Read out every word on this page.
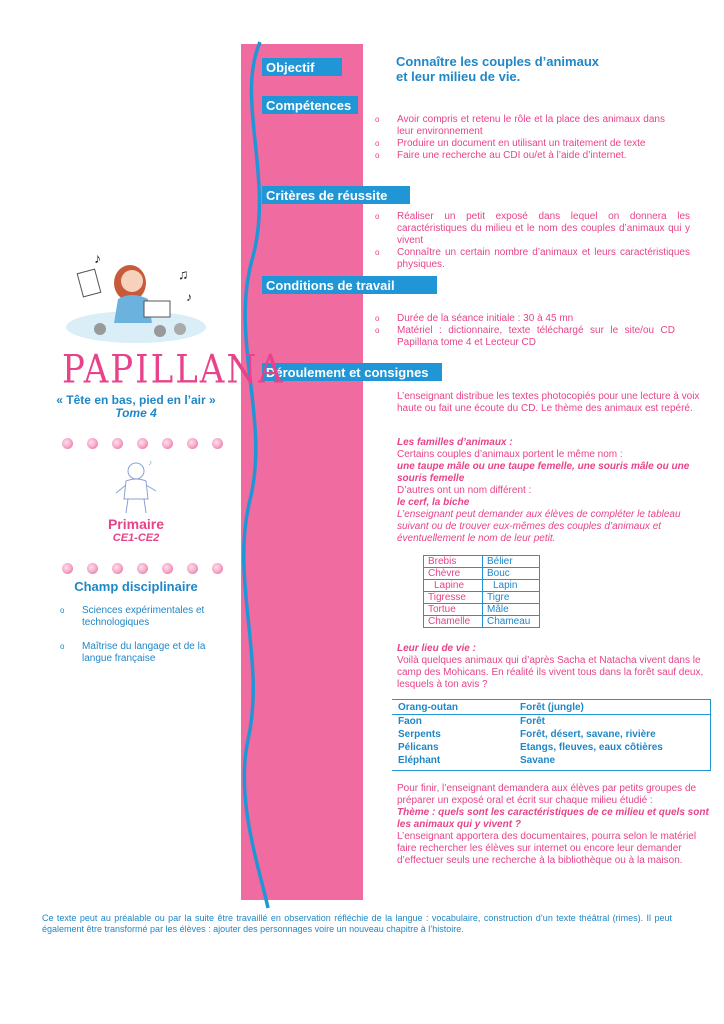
Objectif	Connaître les couples d’animaux
et leur milieu de vie.
Compétences
o Avoir compris et retenu le rôle et la place des animaux dans leur environnement
o Produire un document en utilisant un traitement de texte
o Faire une recherche au CDI ou/et à l’aide d’internet.
Critères de réussite
o Réaliser un petit exposé dans lequel on donnera les caractéristiques du milieu et le nom des couples d’animaux qui y vivent
o Connaître un certain nombre d’animaux et leurs caractéristiques physiques.
Conditions de travail
o Durée de la séance initiale : 30 à 45 mn
o Matériel : dictionnaire, texte téléchargé sur le site/ou CD Papillana tome 4 et Lecteur CD
Déroulement et consignes
L’enseignant distribue les textes photocopiés pour une lecture à voix haute ou fait une écoute du CD. Le thème des animaux est repéré.
Les familles d’animaux :
Certains couples d’animaux portent le même nom :
une taupe mâle ou une taupe femelle, une souris mâle ou une souris femelle
D’autres ont un nom différent :
le cerf, la biche
L’enseignant peut demander aux élèves de compléter le tableau suivant ou de trouver eux-mêmes des couples d’animaux et éventuellement le nom de leur petit.
Brebis	Bélier
Chèvre	Bouc
Lapine	Lapin
Tigresse	Tigre
Tortue	Mâle
Chamelle	Chameau
Leur lieu de vie :
Voilà quelques animaux qui d’après Sacha et Natacha vivent dans le camp des Mohicans. En réalité ils vivent tous dans la forêt sauf deux, lesquels à ton avis ?
Orang-outan	Forêt (jungle)
Faon	Forêt
Serpents	Forêt, désert, savane, rivière
Pélicans	Etangs, fleuves, eaux côtières
Eléphant	Savane
Pour finir, l’enseignant demandera aux élèves par petits groupes de préparer un exposé oral et écrit sur chaque milieu étudié :
Thème : quels sont les caractéristiques de ce milieu et quels sont les animaux qui y vivent ?
L’enseignant apportera des documentaires, pourra selon le matériel faire rechercher les élèves sur internet ou encore leur demander d’effectuer seuls une recherche à la bibliothèque ou à la maison.
♪
♫
♪
PAPILLANA
« Tête en bas, pied en l’air »
Tome 4
♪
Primaire
CE1-CE2
Champ disciplinaire
o Sciences expérimentales et technologiques
o Maîtrise du langage et de la langue française
Ce texte peut au préalable ou par la suite être travaillé en observation réfléchie de la langue : vocabulaire, construction d’un texte théâtral (rimes). Il peut également être transformé par les élèves : ajouter des personnages voire un nouveau chapitre à l’histoire.
